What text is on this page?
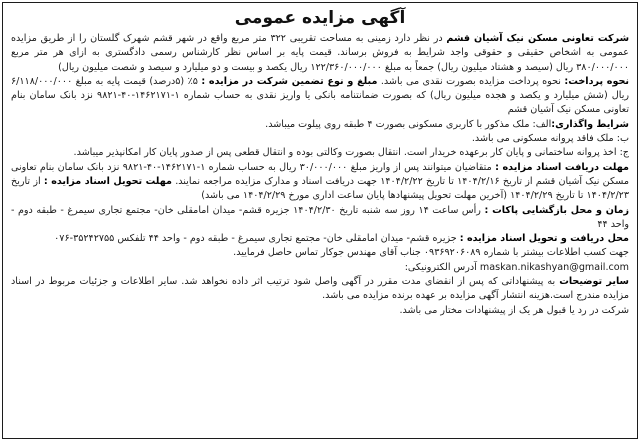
آگهی مزایده عمومی

شرکت تعاونی مسکن نیک آشیان قشم در نظر دارد زمینی به مساحت تقریبی ۳۲۲ متر مربع واقع در شهر قشم شهرک گلستان را از طریق مزایده عمومی به اشخاص حقیقی و حقوقی واجد شرایط به فروش برساند. قیمت پایه بر اساس نظر کارشناس رسمی دادگستری به ازای هر متر مربع ۳۸۰/۰۰۰/۰۰۰ ریال (سیصد و هشتاد میلیون ریال) جمعاً به مبلغ ۱۲۲/۳۶۰/۰۰۰/۰۰۰ ریال یکصد و بیست و دو میلیارد و سیصد و شصت میلیون ریال)

نحوه پرداخت: نحوه پرداخت مزایده بصورت نقدی می باشد. مبلغ و نوع تضمین شرکت در مزایده : ۵٪ (۵درصد) قیمت پایه به مبلغ ۶/۱۱۸/۰۰۰/۰۰۰ ریال (شش میلیارد و یکصد و هجده میلیون ریال) که بصورت ضمانتنامه بانکی یا واریز نقدی به حساب شماره ۱-۱۴۶۲۱۷۱-۴۰-۹۸۲۱ نزد بانک سامان بنام تعاونی مسکن نیک آشیان قشم

شرایط واگذاری:الف: ملک مذکور با کاربری مسکونی بصورت ۴ طبقه روی پیلوت میباشد.

ب: ملک فاقد پروانه مسکونی می باشد.

ج: اخذ پروانه ساختمانی و پایان کار برعهده خریدار است. انتقال بصورت وکالتی بوده و انتقال قطعی پس از صدور پایان کار امکانپذیر میباشد.

مهلت دریافت اسناد مزایده : متقاضیان میتوانند پس از واریز مبلغ ۳۰/۰۰۰/۰۰۰ ریال به حساب شماره ۱-۱۴۶۲۱۷۱-۴۰-۹۸۲۱ نزد بانک سامان بنام تعاونی مسکن نیک آشیان قشم از تاریخ ۱۴۰۴/۲/۱۶ تا تاریخ ۱۴۰۴/۲/۲۲ جهت دریافت اسناد و مدارک مزایده مراجعه نمایند. مهلت تحویل اسناد مزایده : از تاریخ ۱۴۰۴/۲/۲۳ تا تاریخ ۱۴۰۴/۲/۲۹ (آخرین مهلت تحویل پیشنهادها پایان ساعت اداری مورخ ۱۴۰۴/۲/۲۹ می باشد)

زمان و محل بازگشایی پاکات : رأس ساعت ۱۴ روز سه شنبه تاریخ ۱۴۰۴/۲/۳۰ جزیره قشم- میدان امامقلی خان- مجتمع تجاری سیمرغ - طبقه دوم - واحد ۴۴

محل دریافت و تحویل اسناد مزایده : جزیره قشم- میدان امامقلی خان- مجتمع تجاری سیمرغ - طبقه دوم - واحد ۴۴ تلفکس ۳۵۲۴۲۷۵۵-۰۷۶

جهت کسب اطلاعات بیشتر با شماره ۰۹۳۶۹۲۰۶۰۸۹ جناب آقای مهندس جوکار تماس حاصل فرمایید.

maskan.nikashyan@gmail.com آدرس الکترونیکی:

سایر توضیحات به پیشنهاداتی که پس از انقضای مدت مقرر در آگهی واصل شود ترتیب اثر داده نخواهد شد. سایر اطلاعات و جزئیات مربوط در اسناد مزایده مندرج است.هزینه انتشار آگهی مزایده بر عهده برنده مزایده می باشد.

شرکت در رد یا قبول هر یک از پیشنهادات مختار می باشد.
